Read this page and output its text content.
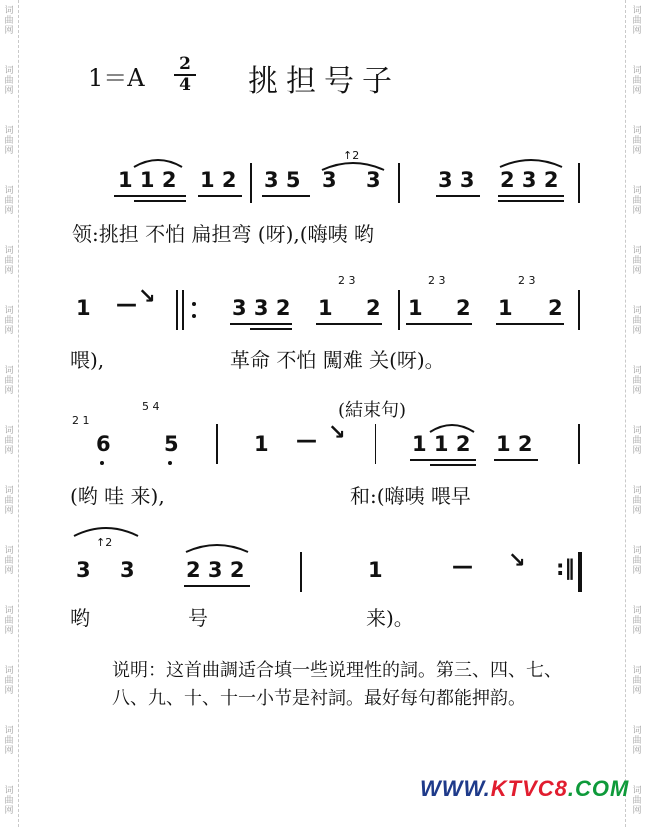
词
曲
网
词
曲
网
词
曲
网
词
曲
网
词
曲
网
词
曲
网
词
曲
网
词
曲
网
词
曲
网
词
曲
网
词
曲
网
词
曲
网
词
曲
网
词
曲
网
词
曲
网
词
曲
网
词
曲
网
词
曲
网
词
曲
网
词
曲
网
词
曲
网
词
曲
网
词
曲
网
词
曲
网
词
曲
网
词
曲
网
词
曲
网
词
曲
网
1＝A 2
4 挑担号子
1 1 2 1 2 3 5 3
↑2
3	3 3 2 3 2
领:挑担 不怕 扁担弯 (呀),(嗨咦 哟
1 — ↘	3 3 2 1
2 3
2 1
2 3
2 1
2 3
2
喂),	革命 不怕 闖难 关(呀)。
2 1
6
5 4
5	1 — ↘
(結束句)
1 1 2 1 2
(哟 哇 来),	和:(嗨咦 喂早
3
↑2
3 2 3 2	1	— ↘ :‖
哟	号	来)。
说明：这首曲調适合填一些说理性的詞。第三、四、七、八、九、十、十一小节是衬詞。最好每句都能押韵。
WWW.KTVC8.COM
